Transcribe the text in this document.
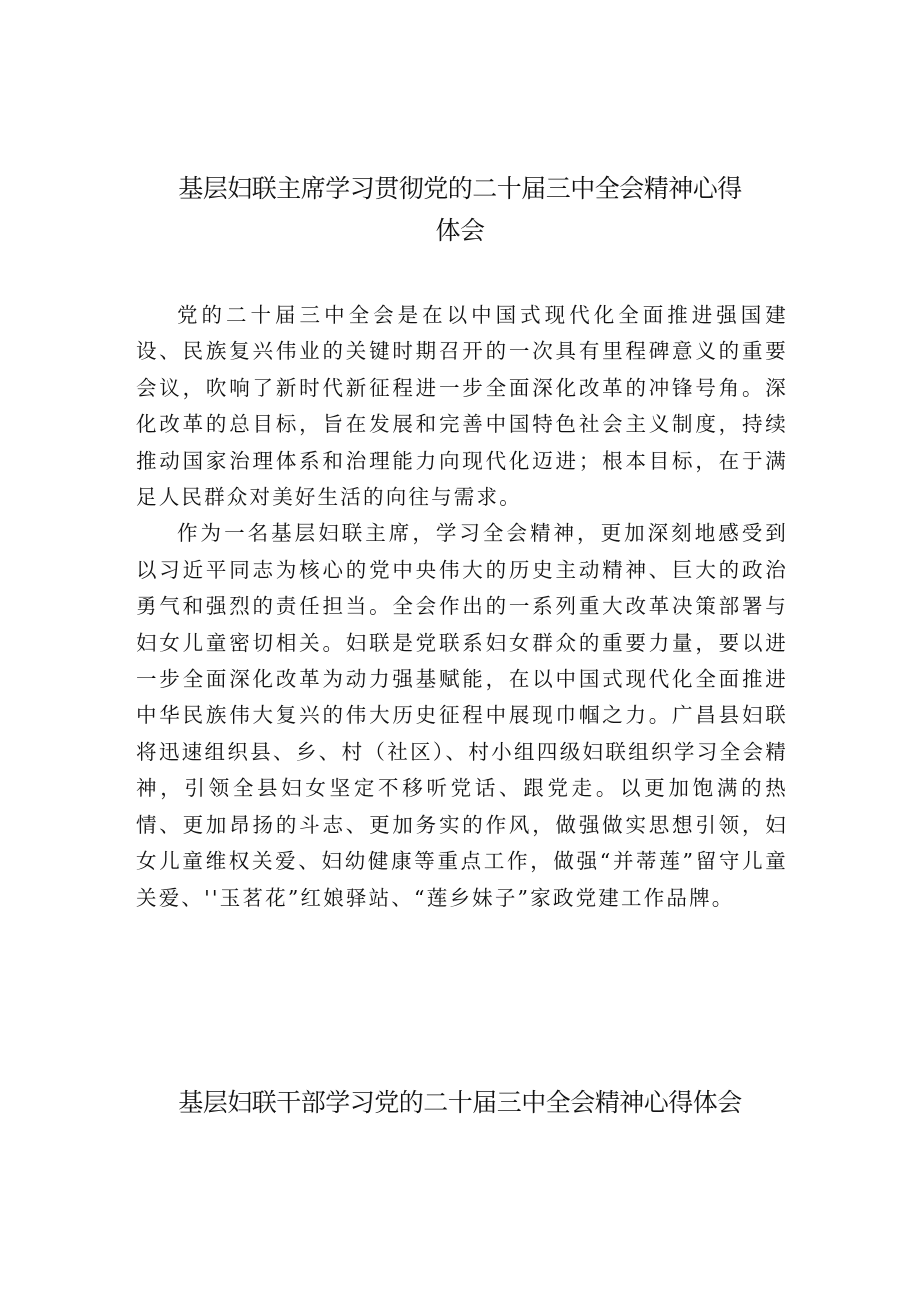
基层妇联主席学习贯彻党的二十届三中全会精神心得
体会

党的二十届三中全会是在以中国式现代化全面推进强国建设、民族复兴伟业的关键时期召开的一次具有里程碑意义的重要会议，吹响了新时代新征程进一步全面深化改革的冲锋号角。深化改革的总目标，旨在发展和完善中国特色社会主义制度，持续推动国家治理体系和治理能力向现代化迈进；根本目标，在于满足人民群众对美好生活的向往与需求。

作为一名基层妇联主席，学习全会精神，更加深刻地感受到以习近平同志为核心的党中央伟大的历史主动精神、巨大的政治勇气和强烈的责任担当。全会作出的一系列重大改革决策部署与妇女儿童密切相关。妇联是党联系妇女群众的重要力量，要以进一步全面深化改革为动力强基赋能，在以中国式现代化全面推进中华民族伟大复兴的伟大历史征程中展现巾帼之力。广昌县妇联将迅速组织县、乡、村（社区）、村小组四级妇联组织学习全会精神，引领全县妇女坚定不移听党话、跟党走。以更加饱满的热情、更加昂扬的斗志、更加务实的作风，做强做实思想引领，妇女儿童维权关爱、妇幼健康等重点工作，做强“并蒂莲”留守儿童关爱、''玉茗花”红娘驿站、“莲乡妹子”家政党建工作品牌。

基层妇联干部学习党的二十届三中全会精神心得体会
